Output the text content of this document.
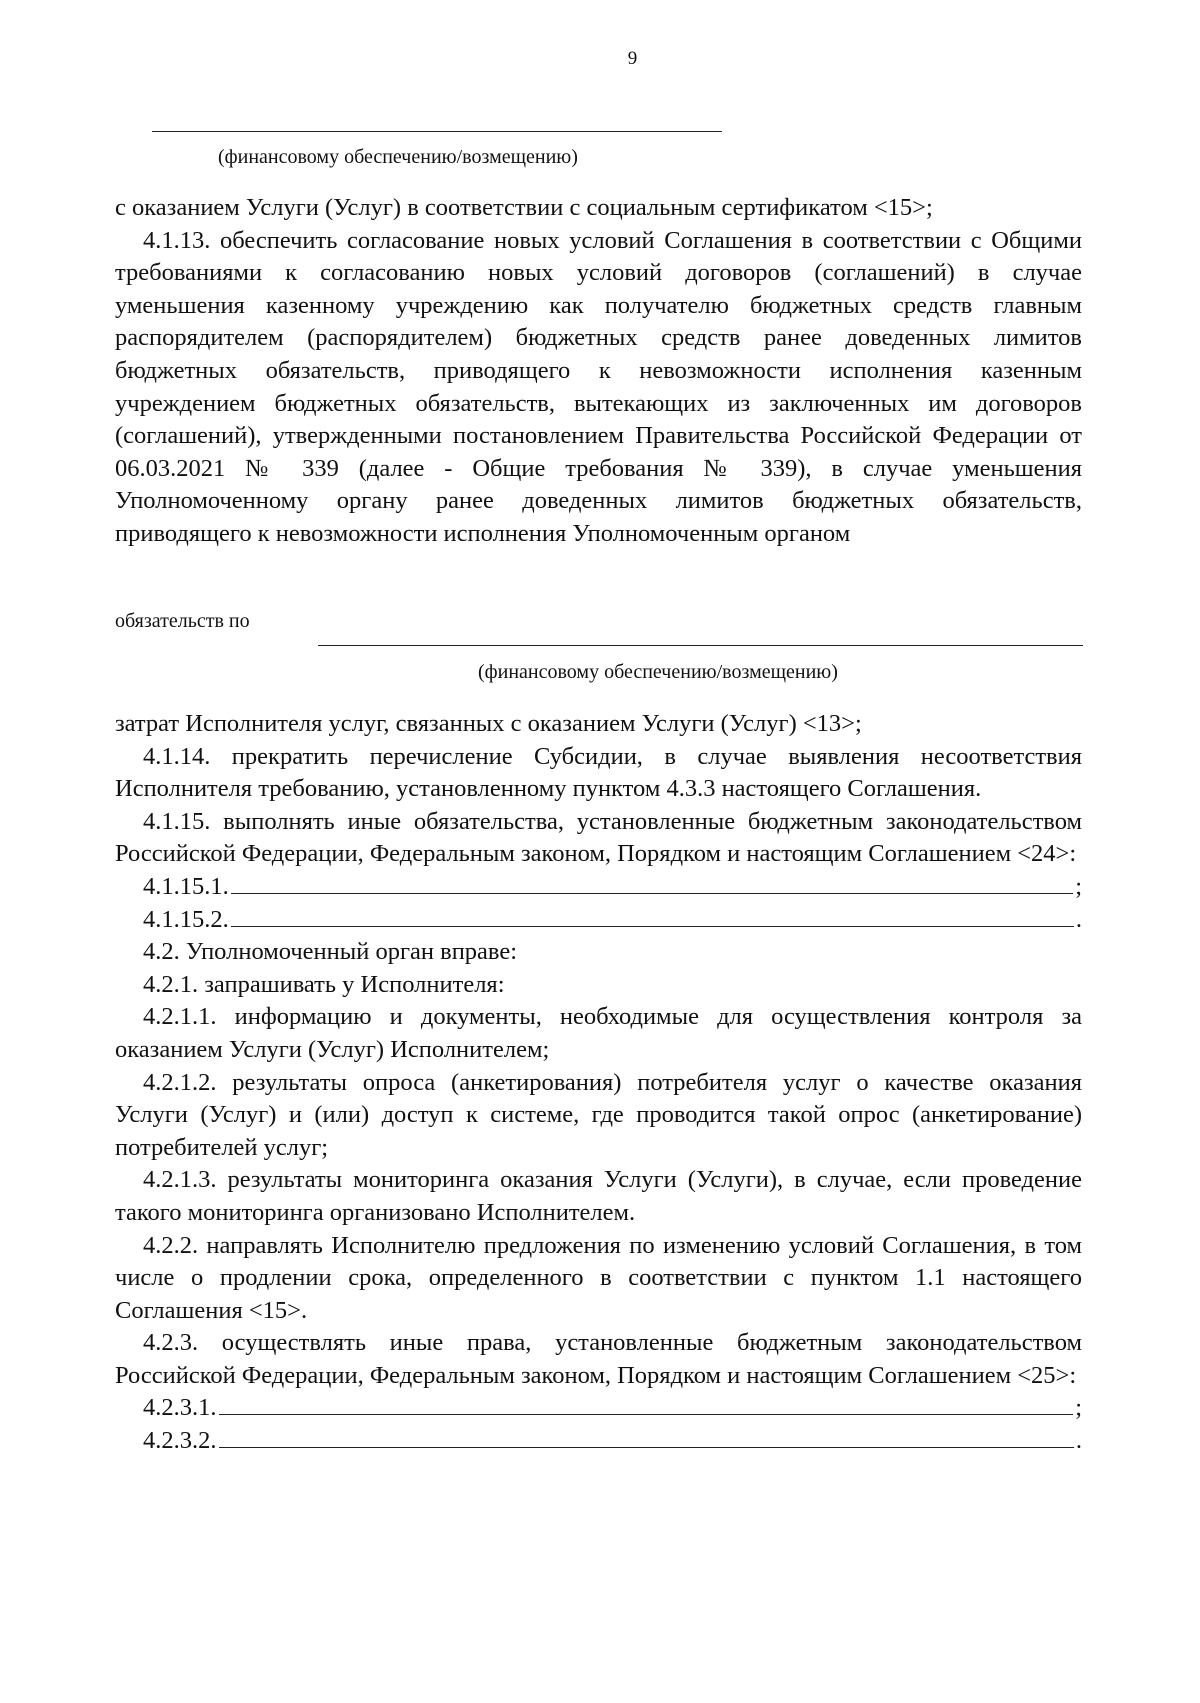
9
(финансовому обеспечению/возмещению)

с оказанием Услуги (Услуг) в соответствии с социальным сертификатом <15>;

4.1.13. обеспечить согласование новых условий Соглашения в соответствии с Общими требованиями к согласованию новых условий договоров (соглашений) в случае уменьшения казенному учреждению как получателю бюджетных средств главным распорядителем (распорядителем) бюджетных средств ранее доведенных лимитов бюджетных обязательств, приводящего к невозможности исполнения казенным учреждением бюджетных обязательств, вытекающих из заключенных им договоров (соглашений), утвержденными постановлением Правительства Российской Федерации от 06.03.2021 № 339 (далее - Общие требования № 339), в случае уменьшения Уполномоченному органу ранее доведенных лимитов бюджетных обязательств, приводящего к невозможности исполнения Уполномоченным органом

обязательств по
(финансовому обеспечению/возмещению)

затрат Исполнителя услуг, связанных с оказанием Услуги (Услуг) <13>;

4.1.14. прекратить перечисление Субсидии, в случае выявления несоответствия Исполнителя требованию, установленному пунктом 4.3.3 настоящего Соглашения.

4.1.15. выполнять иные обязательства, установленные бюджетным законодательством Российской Федерации, Федеральным законом, Порядком и настоящим Соглашением <24>:

4.1.15.1.	;
4.1.15.2.	.

4.2. Уполномоченный орган вправе:

4.2.1. запрашивать у Исполнителя:

4.2.1.1. информацию и документы, необходимые для осуществления контроля за оказанием Услуги (Услуг) Исполнителем;

4.2.1.2. результаты опроса (анкетирования) потребителя услуг о качестве оказания Услуги (Услуг) и (или) доступ к системе, где проводится такой опрос (анкетирование) потребителей услуг;

4.2.1.3. результаты мониторинга оказания Услуги (Услуги), в случае, если проведение такого мониторинга организовано Исполнителем.

4.2.2. направлять Исполнителю предложения по изменению условий Соглашения, в том числе о продлении срока, определенного в соответствии с пунктом 1.1 настоящего Соглашения <15>.

4.2.3. осуществлять иные права, установленные бюджетным законодательством Российской Федерации, Федеральным законом, Порядком и настоящим Соглашением <25>:

4.2.3.1.	;
4.2.3.2.	.
